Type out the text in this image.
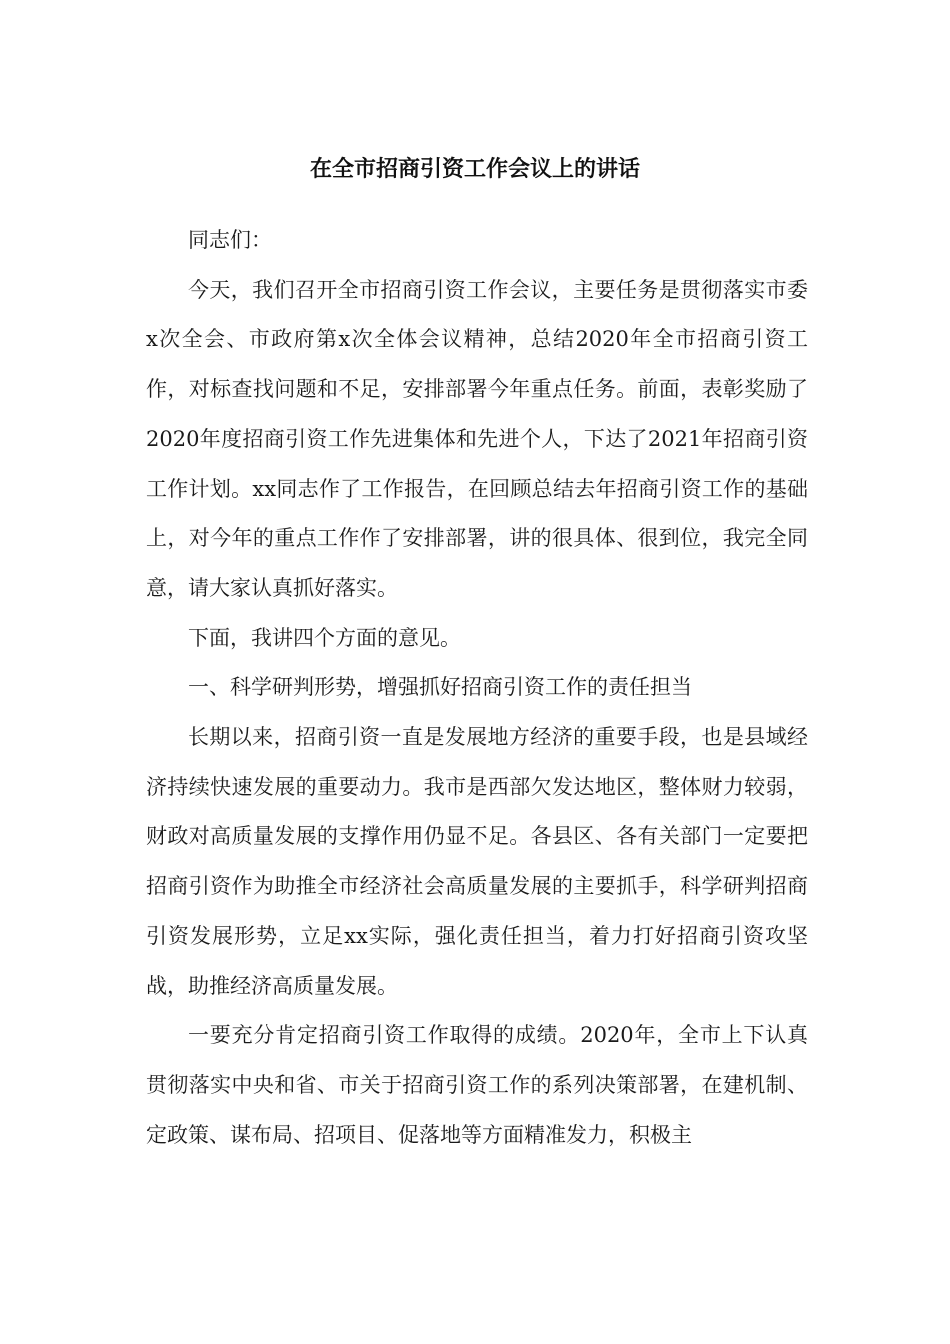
在全市招商引资工作会议上的讲话

同志们：

今天，我们召开全市招商引资工作会议，主要任务是贯彻落实市委x次全会、市政府第x次全体会议精神，总结2020年全市招商引资工作，对标查找问题和不足，安排部署今年重点任务。前面，表彰奖励了2020年度招商引资工作先进集体和先进个人，下达了2021年招商引资工作计划。xx同志作了工作报告，在回顾总结去年招商引资工作的基础上，对今年的重点工作作了安排部署，讲的很具体、很到位，我完全同意，请大家认真抓好落实。

下面，我讲四个方面的意见。

一、科学研判形势，增强抓好招商引资工作的责任担当

长期以来，招商引资一直是发展地方经济的重要手段，也是县域经济持续快速发展的重要动力。我市是西部欠发达地区，整体财力较弱，财政对高质量发展的支撑作用仍显不足。各县区、各有关部门一定要把招商引资作为助推全市经济社会高质量发展的主要抓手，科学研判招商引资发展形势，立足xx实际，强化责任担当，着力打好招商引资攻坚战，助推经济高质量发展。

一要充分肯定招商引资工作取得的成绩。2020年，全市上下认真贯彻落实中央和省、市关于招商引资工作的系列决策部署，在建机制、定政策、谋布局、招项目、促落地等方面精准发力，积极主
